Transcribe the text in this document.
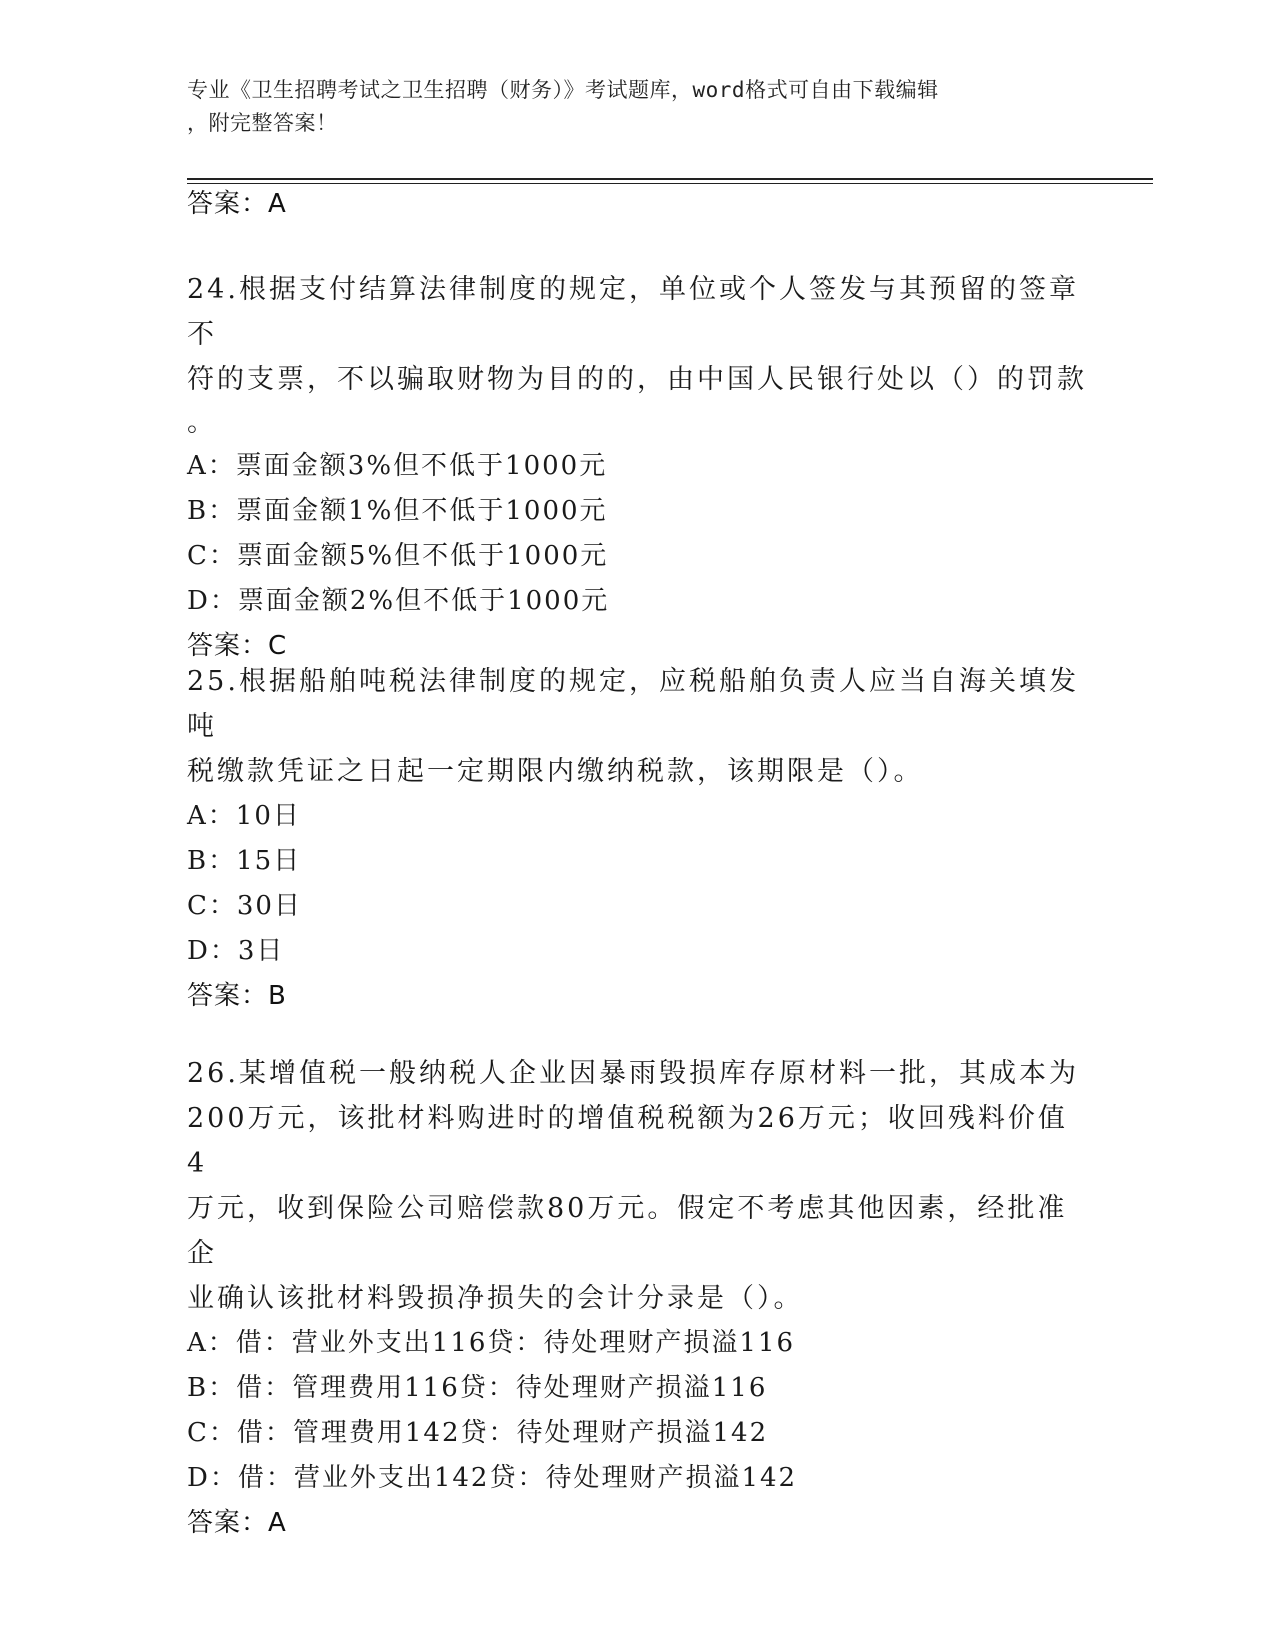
专业《卫生招聘考试之卫生招聘（财务）》考试题库，word格式可自由下载编辑
，附完整答案！
答案：A
24.根据支付结算法律制度的规定，单位或个人签发与其预留的签章不
符的支票，不以骗取财物为目的的，由中国人民银行处以（）的罚款
。
A：票面金额3%但不低于1000元
B：票面金额1%但不低于1000元
C：票面金额5%但不低于1000元
D：票面金额2%但不低于1000元
答案：C
25.根据船舶吨税法律制度的规定，应税船舶负责人应当自海关填发吨
税缴款凭证之日起一定期限内缴纳税款，该期限是（）。
A：10日
B：15日
C：30日
D：3日
答案：B
26.某增值税一般纳税人企业因暴雨毁损库存原材料一批，其成本为
200万元，该批材料购进时的增值税税额为26万元；收回残料价值4
万元，收到保险公司赔偿款80万元。假定不考虑其他因素，经批准企
业确认该批材料毁损净损失的会计分录是（）。
A：借：营业外支出116贷：待处理财产损溢116
B：借：管理费用116贷：待处理财产损溢116
C：借：管理费用142贷：待处理财产损溢142
D：借：营业外支出142贷：待处理财产损溢142
答案：A
